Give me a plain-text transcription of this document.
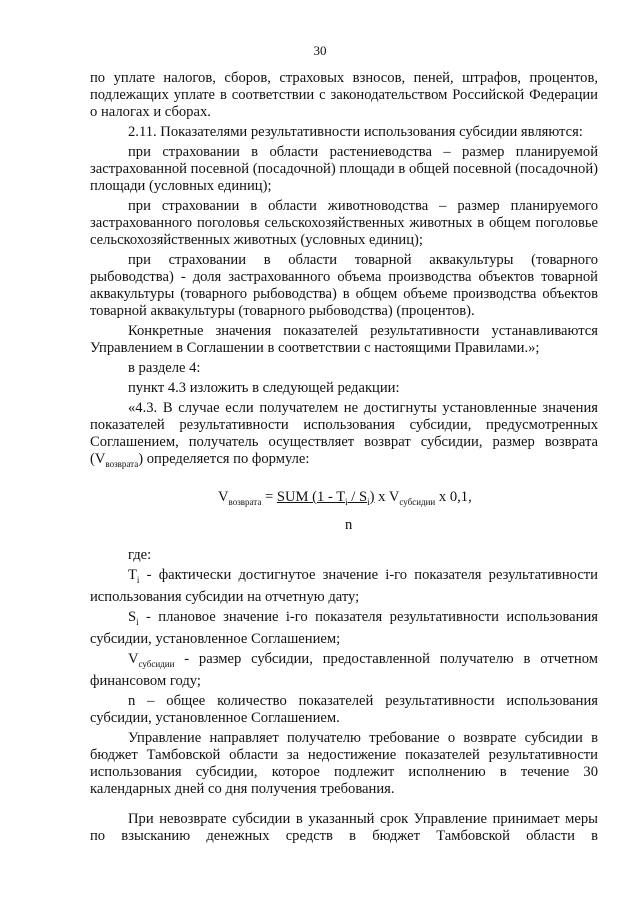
30

по уплате налогов, сборов, страховых взносов, пеней, штрафов, процентов, подлежащих уплате в соответствии с законодательством Российской Федерации о налогах и сборах.

2.11. Показателями результативности использования субсидии являются:

при страховании в области растениеводства – размер планируемой застрахованной посевной (посадочной) площади в общей посевной (посадочной) площади (условных единиц);

при страховании в области животноводства – размер планируемого застрахованного поголовья сельскохозяйственных животных в общем поголовье сельскохозяйственных животных (условных единиц);

при страховании в области товарной аквакультуры (товарного рыбоводства) - доля застрахованного объема производства объектов товарной аквакультуры (товарного рыбоводства) в общем объеме производства объектов товарной аквакультуры (товарного рыбоводства) (процентов).

Конкретные значения показателей результативности устанавливаются Управлением в Соглашении в соответствии с настоящими Правилами.»;

в разделе 4:

пункт 4.3 изложить в следующей редакции:

«4.3. В случае если получателем не достигнуты установленные значения показателей результативности использования субсидии, предусмотренных Соглашением, получатель осуществляет возврат субсидии, размер возврата $(V_{возврата})$ определяется по формуле:

$V_{возврата}$ = SUM $(1 - T_i / S_i)$ x $V_{субсидии}$ x 0,1,
n

где:

$T_i$ - фактически достигнутое значение i-го показателя результативности использования субсидии на отчетную дату;

$S_i$ - плановое значение i-го показателя результативности использования субсидии, установленное Соглашением;

$V_{субсидии}$ - размер субсидии, предоставленной получателю в отчетном финансовом году;

n – общее количество показателей результативности использования субсидии, установленное Соглашением.

Управление направляет получателю требование о возврате субсидии в бюджет Тамбовской области за недостижение показателей результативности использования субсидии, которое подлежит исполнению в течение 30 календарных дней со дня получения требования.

При невозврате субсидии в указанный срок Управление принимает меры по взысканию денежных средств в бюджет Тамбовской области в
